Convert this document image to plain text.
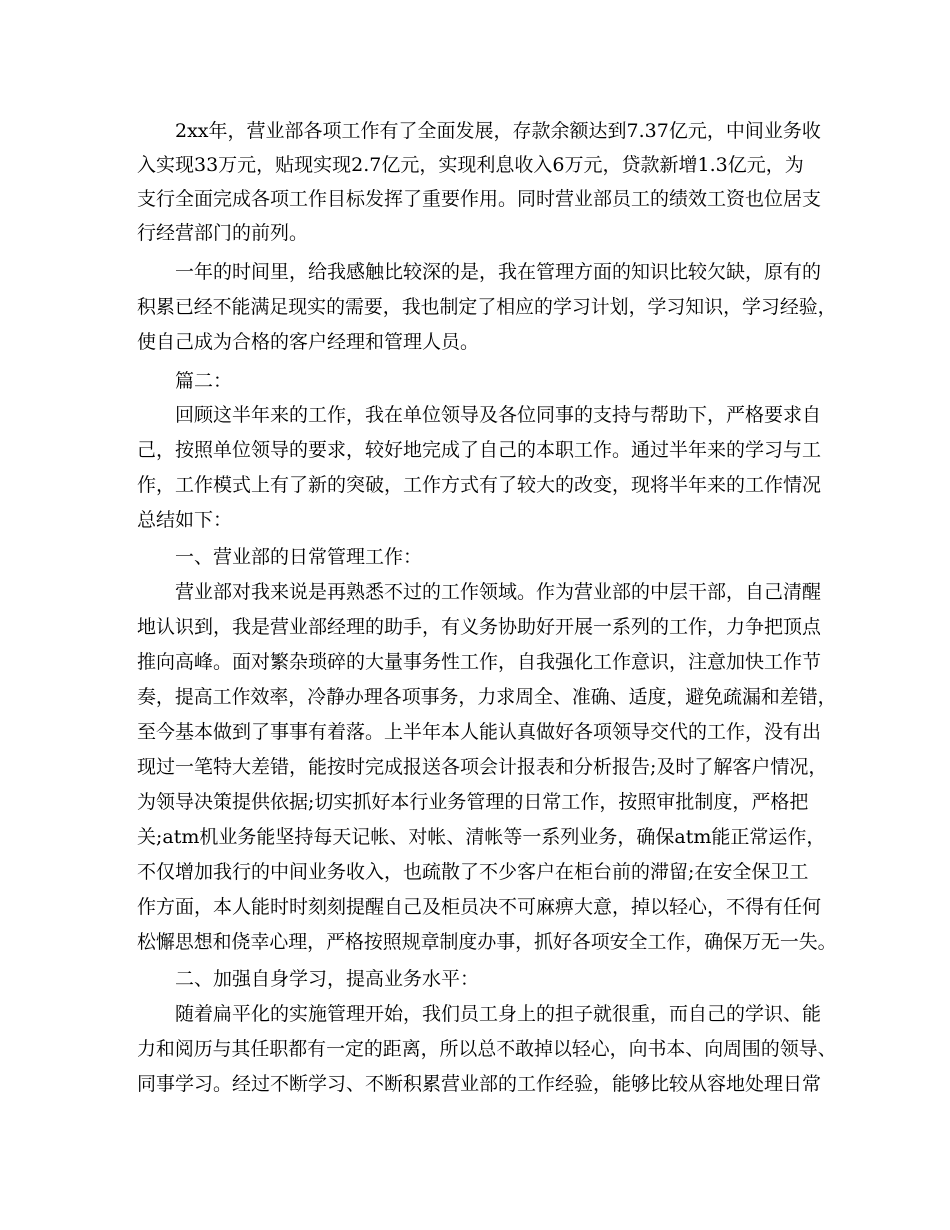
2xx年，营业部各项工作有了全面发展，存款余额达到7.37亿元，中间业务收
入实现33万元，贴现实现2.7亿元，实现利息收入6万元，贷款新增1.3亿元，为
支行全面完成各项工作目标发挥了重要作用。同时营业部员工的绩效工资也位居支
行经营部门的前列。
一年的时间里，给我感触比较深的是，我在管理方面的知识比较欠缺，原有的
积累已经不能满足现实的需要，我也制定了相应的学习计划，学习知识，学习经验，
使自己成为合格的客户经理和管理人员。
篇二：
回顾这半年来的工作，我在单位领导及各位同事的支持与帮助下，严格要求自
己，按照单位领导的要求，较好地完成了自己的本职工作。通过半年来的学习与工
作，工作模式上有了新的突破，工作方式有了较大的改变，现将半年来的工作情况
总结如下：
一、营业部的日常管理工作：
营业部对我来说是再熟悉不过的工作领域。作为营业部的中层干部，自己清醒
地认识到，我是营业部经理的助手，有义务协助好开展一系列的工作，力争把顶点
推向高峰。面对繁杂琐碎的大量事务性工作，自我强化工作意识，注意加快工作节
奏，提高工作效率，冷静办理各项事务，力求周全、准确、适度，避免疏漏和差错，
至今基本做到了事事有着落。上半年本人能认真做好各项领导交代的工作，没有出
现过一笔特大差错，能按时完成报送各项会计报表和分析报告;及时了解客户情况，
为领导决策提供依据;切实抓好本行业务管理的日常工作，按照审批制度，严格把
关;atm机业务能坚持每天记帐、对帐、清帐等一系列业务，确保atm能正常运作，
不仅增加我行的中间业务收入，也疏散了不少客户在柜台前的滞留;在安全保卫工
作方面，本人能时时刻刻提醒自己及柜员决不可麻痹大意，掉以轻心，不得有任何
松懈思想和侥幸心理，严格按照规章制度办事，抓好各项安全工作，确保万无一失。
二、加强自身学习，提高业务水平：
随着扁平化的实施管理开始，我们员工身上的担子就很重，而自己的学识、能
力和阅历与其任职都有一定的距离，所以总不敢掉以轻心，向书本、向周围的领导、
同事学习。经过不断学习、不断积累营业部的工作经验，能够比较从容地处理日常
